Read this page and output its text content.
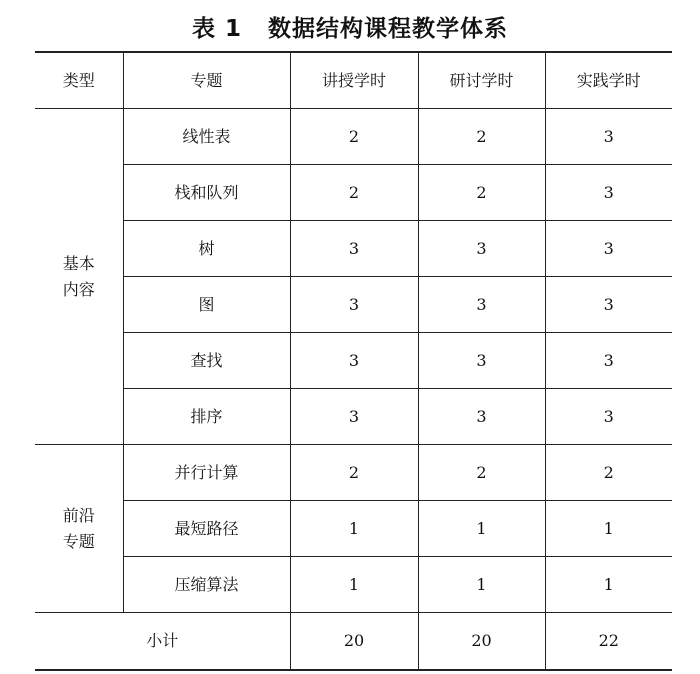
表 1 数据结构课程教学体系
类型	专题	讲授学时	研讨学时	实践学时
基本
内容	线性表	2	2	3
	栈和队列	2	2	3
	树	3	3	3
	图	3	3	3
	查找	3	3	3
	排序	3	3	3
前沿
专题	并行计算	2	2	2
	最短路径	1	1	1
	压缩算法	1	1	1
小计		20	20	22
